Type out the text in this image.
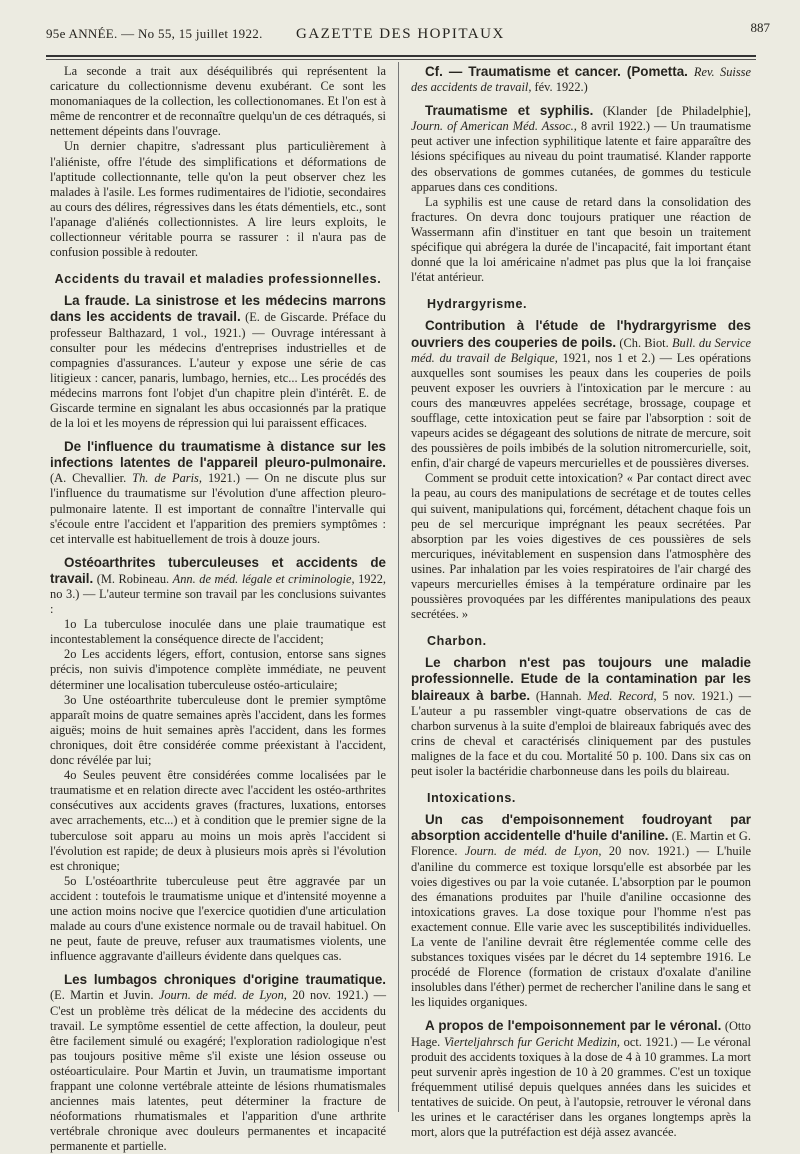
95e ANNÉE. — No 55, 15 juillet 1922. GAZETTE DES HOPITAUX	887

La seconde a trait aux déséquilibrés qui représentent la caricature du collectionnisme devenu exubérant. Ce sont les monomaniaques de la collection, les collectionomanes. Et l'on est à même de rencontrer et de reconnaître quelqu'un de ces détraqués, si nettement dépeints dans l'ouvrage.

Un dernier chapitre, s'adressant plus particulièrement à l'aliéniste, offre l'étude des simplifications et déformations de l'aptitude collectionnante, telle qu'on la peut observer chez les malades à l'asile. Les formes rudimentaires de l'idiotie, secondaires au cours des délires, régressives dans les états démentiels, etc., sont l'apanage d'aliénés collectionnistes. A lire leurs exploits, le collectionneur véritable pourra se rassurer : il n'aura pas de confusion possible à redouter.

Accidents du travail et maladies professionnelles.

La fraude. La sinistrose et les médecins marrons dans les accidents de travail. (E. de Giscarde. Préface du professeur Balthazard, 1 vol., 1921.) — Ouvrage intéressant à consulter pour les médecins d'entreprises industrielles et de compagnies d'assurances. L'auteur y expose une série de cas litigieux : cancer, panaris, lumbago, hernies, etc... Les procédés des médecins marrons font l'objet d'un chapitre plein d'intérêt. E. de Giscarde termine en signalant les abus occasionnés par la pratique de la loi et les moyens de répression qui lui paraissent efficaces.

De l'influence du traumatisme à distance sur les infections latentes de l'appareil pleuro-pulmonaire. (A. Chevallier. Th. de Paris, 1921.) — On ne discute plus sur l'influence du traumatisme sur l'évolution d'une affection pleuro-pulmonaire latente. Il est important de connaître l'intervalle qui s'écoule entre l'accident et l'apparition des premiers symptômes : cet intervalle est habituellement de trois à douze jours.

Ostéoarthrites tuberculeuses et accidents de travail. (M. Robineau. Ann. de méd. légale et criminologie, 1922, no 3.) — L'auteur termine son travail par les conclusions suivantes :

1o La tuberculose inoculée dans une plaie traumatique est incontestablement la conséquence directe de l'accident;

2o Les accidents légers, effort, contusion, entorse sans signes précis, non suivis d'impotence complète immédiate, ne peuvent déterminer une localisation tuberculeuse ostéo-articulaire;

3o Une ostéoarthrite tuberculeuse dont le premier symptôme apparaît moins de quatre semaines après l'accident, dans les formes aiguës; moins de huit semaines après l'accident, dans les formes chroniques, doit être considérée comme préexistant à l'accident, donc révélée par lui;

4o Seules peuvent être considérées comme localisées par le traumatisme et en relation directe avec l'accident les ostéo-arthrites consécutives aux accidents graves (fractures, luxations, entorses avec arrachements, etc...) et à condition que le premier signe de la tuberculose soit apparu au moins un mois après l'accident si l'évolution est rapide; de deux à plusieurs mois après si l'évolution est chronique;

5o L'ostéoarthrite tuberculeuse peut être aggravée par un accident : toutefois le traumatisme unique et d'intensité moyenne a une action moins nocive que l'exercice quotidien d'une articulation malade au cours d'une existence normale ou de travail habituel. On ne peut, faute de preuve, refuser aux traumatismes violents, une influence aggravante d'ailleurs évidente dans quelques cas.

Les lumbagos chroniques d'origine traumatique. (E. Martin et Juvin. Journ. de méd. de Lyon, 20 nov. 1921.) — C'est un problème très délicat de la médecine des accidents du travail. Le symptôme essentiel de cette affection, la douleur, peut être facilement simulé ou exagéré; l'exploration radiologique n'est pas toujours positive même s'il existe une lésion osseuse ou ostéoarticulaire. Pour Martin et Juvin, un traumatisme important frappant une colonne vertébrale atteinte de lésions rhumatismales anciennes mais latentes, peut déterminer la fracture de néoformations rhumatismales et l'apparition d'une arthrite vertébrale chronique avec douleurs permanentes et incapacité permanente et partielle.

Cf. — Traumatisme et cancer. (Pometta. Rev. Suisse des accidents de travail, fév. 1922.)

Traumatisme et syphilis. (Klander [de Philadelphie], Journ. of American Méd. Assoc., 8 avril 1922.) — Un traumatisme peut activer une infection syphilitique latente et faire apparaître des lésions spécifiques au niveau du point traumatisé. Klander rapporte des observations de gommes cutanées, de gommes du testicule apparues dans ces conditions.

La syphilis est une cause de retard dans la consolidation des fractures. On devra donc toujours pratiquer une réaction de Wassermann afin d'instituer en tant que besoin un traitement spécifique qui abrégera la durée de l'incapacité, fait important étant donné que la loi américaine n'admet pas plus que la loi française l'état antérieur.

Hydrargyrisme.

Contribution à l'étude de l'hydrargyrisme des ouvriers des couperies de poils. (Ch. Biot. Bull. du Service méd. du travail de Belgique, 1921, nos 1 et 2.) — Les opérations auxquelles sont soumises les peaux dans les couperies de poils peuvent exposer les ouvriers à l'intoxication par le mercure : au cours des manœuvres appelées secrétage, brossage, coupage et soufflage, cette intoxication peut se faire par l'absorption : soit de vapeurs acides se dégageant des solutions de nitrate de mercure, soit des poussières de poils imbibés de la solution nitromercurielle, soit, enfin, d'air chargé de vapeurs mercurielles et de poussières diverses.

Comment se produit cette intoxication? « Par contact direct avec la peau, au cours des manipulations de secrétage et de toutes celles qui suivent, manipulations qui, forcément, détachent chaque fois un peu de sel mercurique imprégnant les peaux secrétées. Par absorption par les voies digestives de ces poussières de sels mercuriques, inévitablement en suspension dans l'atmosphère des usines. Par inhalation par les voies respiratoires de l'air chargé des vapeurs mercurielles émises à la température ordinaire par les poussières provoquées par les différentes manipulations des peaux secrétées. »

Charbon.

Le charbon n'est pas toujours une maladie professionnelle. Etude de la contamination par les blaireaux à barbe. (Hannah. Med. Record, 5 nov. 1921.) — L'auteur a pu rassembler vingt-quatre observations de cas de charbon survenus à la suite d'emploi de blaireaux fabriqués avec des crins de cheval et caractérisés cliniquement par des pustules malignes de la face et du cou. Mortalité 50 p. 100. Dans six cas on peut isoler la bactéridie charbonneuse dans les poils du blaireau.

Intoxications.

Un cas d'empoisonnement foudroyant par absorption accidentelle d'huile d'aniline. (E. Martin et G. Florence. Journ. de méd. de Lyon, 20 nov. 1921.) — L'huile d'aniline du commerce est toxique lorsqu'elle est absorbée par les voies digestives ou par la voie cutanée. L'absorption par le poumon des émanations produites par l'huile d'aniline occasionne des intoxications graves. La dose toxique pour l'homme n'est pas exactement connue. Elle varie avec les susceptibilités individuelles. La vente de l'aniline devrait être réglementée comme celle des substances toxiques visées par le décret du 14 septembre 1916. Le procédé de Florence (formation de cristaux d'oxalate d'aniline insolubles dans l'éther) permet de rechercher l'aniline dans le sang et les liquides organiques.

A propos de l'empoisonnement par le véronal. (Otto Hage. Vierteljahrsch fur Gericht Medizin, oct. 1921.) — Le véronal produit des accidents toxiques à la dose de 4 à 10 grammes. La mort peut survenir après ingestion de 10 à 20 grammes. C'est un toxique fréquemment utilisé depuis quelques années dans les suicides et tentatives de suicide. On peut, à l'autopsie, retrouver le véronal dans les urines et le caractériser dans les organes longtemps après la mort, alors que la putréfaction est déjà assez avancée.
